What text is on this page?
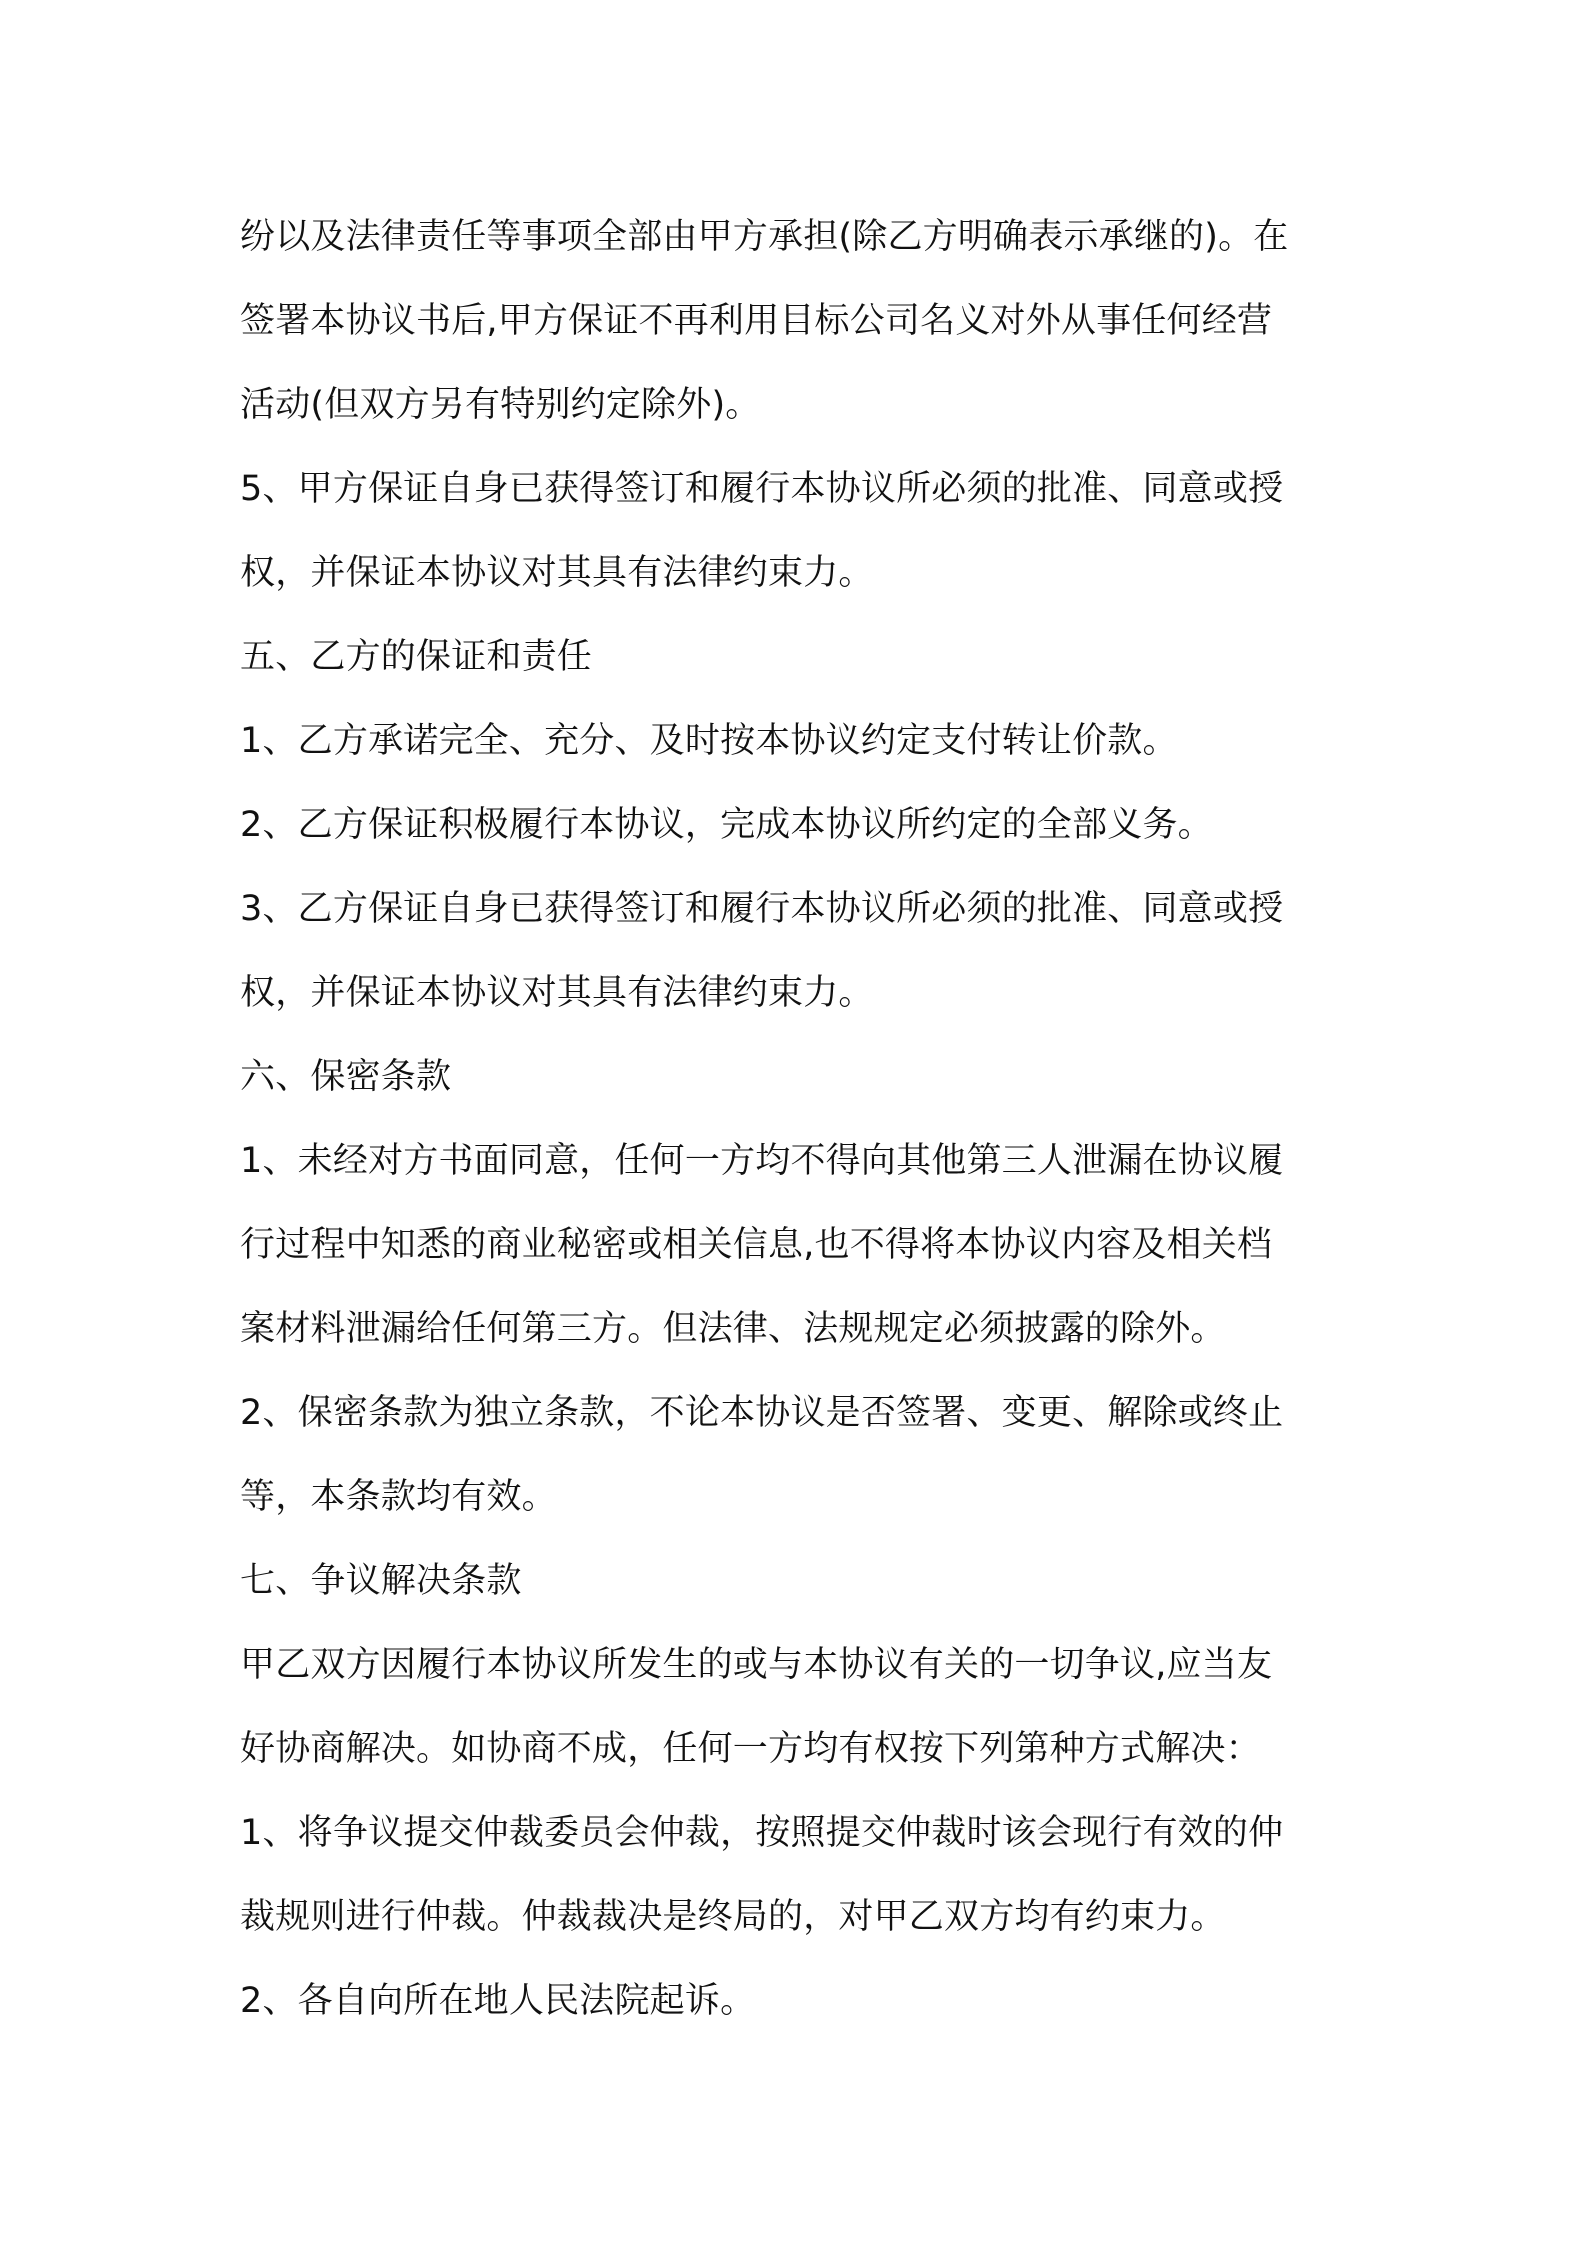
纷以及法律责任等事项全部由甲方承担(除乙方明确表示承继的)。在
签署本协议书后,甲方保证不再利用目标公司名义对外从事任何经营
活动(但双方另有特别约定除外)。
5、甲方保证自身已获得签订和履行本协议所必须的批准、同意或授
权，并保证本协议对其具有法律约束力。
五、乙方的保证和责任
1、乙方承诺完全、充分、及时按本协议约定支付转让价款。
2、乙方保证积极履行本协议，完成本协议所约定的全部义务。
3、乙方保证自身已获得签订和履行本协议所必须的批准、同意或授
权，并保证本协议对其具有法律约束力。
六、保密条款
1、未经对方书面同意，任何一方均不得向其他第三人泄漏在协议履
行过程中知悉的商业秘密或相关信息,也不得将本协议内容及相关档
案材料泄漏给任何第三方。但法律、法规规定必须披露的除外。
2、保密条款为独立条款，不论本协议是否签署、变更、解除或终止
等，本条款均有效。
七、争议解决条款
甲乙双方因履行本协议所发生的或与本协议有关的一切争议,应当友
好协商解决。如协商不成，任何一方均有权按下列第种方式解决：
1、将争议提交仲裁委员会仲裁，按照提交仲裁时该会现行有效的仲
裁规则进行仲裁。仲裁裁决是终局的，对甲乙双方均有约束力。
2、各自向所在地人民法院起诉。
